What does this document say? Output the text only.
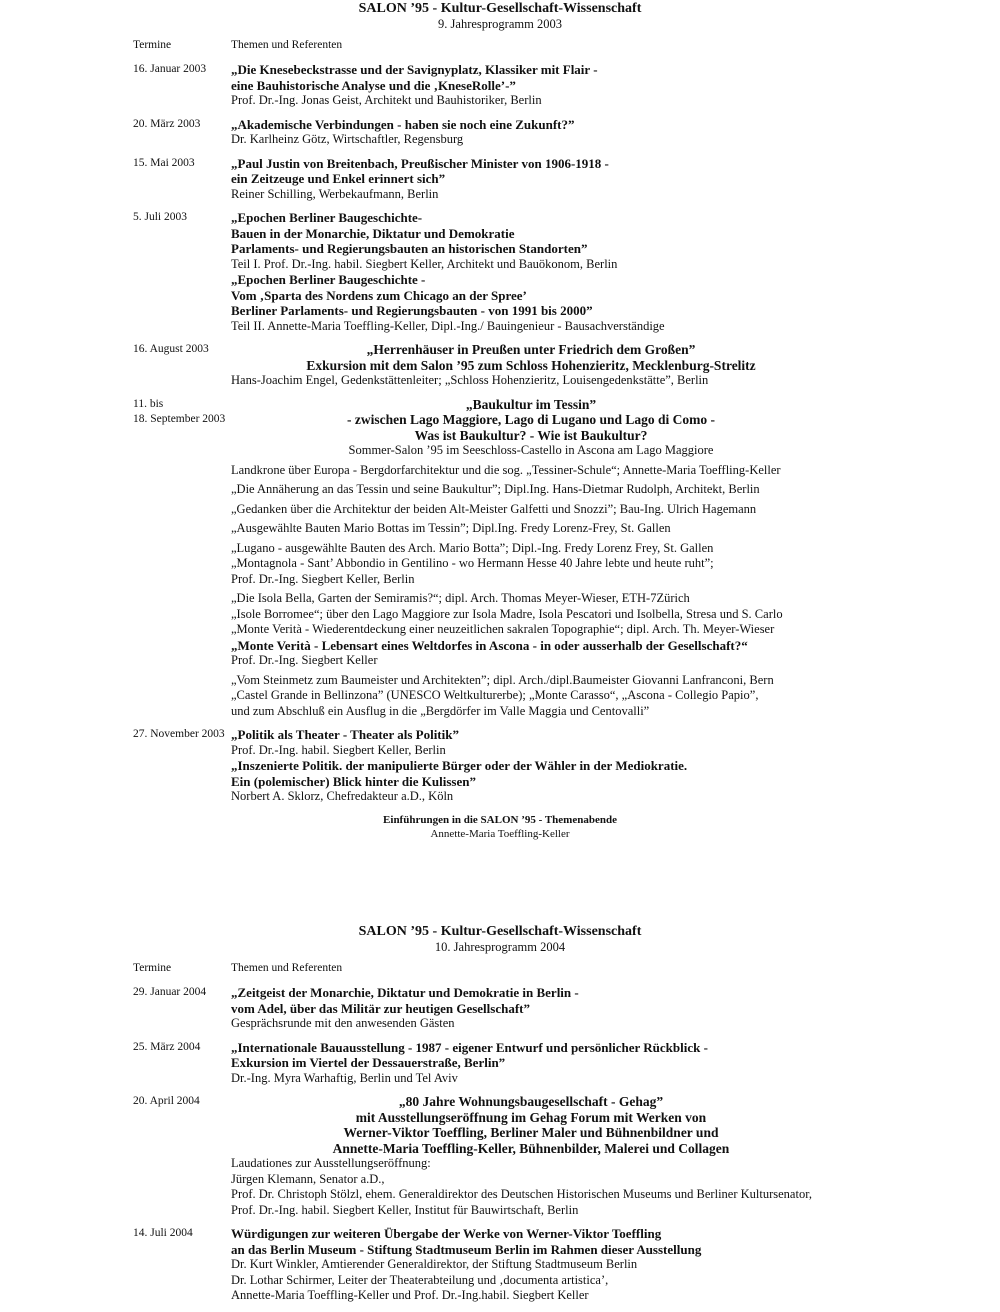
SALON ’95 - Kultur-Gesellschaft-Wissenschaft
9. Jahresprogramm 2003
Termine	Themen und Referenten
16. Januar 2003 „Die Knesebeckstrasse und der Savignyplatz, Klassiker mit Flair -
eine Bauhistorische Analyse und die ‚KneseRolle’-”
Prof. Dr.-Ing. Jonas Geist, Architekt und Bauhistoriker, Berlin
20. März 2003 „Akademische Verbindungen - haben sie noch eine Zukunft?”
Dr. Karlheinz Götz, Wirtschaftler, Regensburg
15. Mai 2003	„Paul Justin von Breitenbach, Preußischer Minister von 1906-1918 -
ein Zeitzeuge und Enkel erinnert sich”
Reiner Schilling, Werbekaufmann, Berlin
5. Juli 2003	„Epochen Berliner Baugeschichte-
Bauen in der Monarchie, Diktatur und Demokratie
Parlaments- und Regierungsbauten an historischen Standorten”
Teil I. Prof. Dr.-Ing. habil. Siegbert Keller, Architekt und Bauökonom, Berlin
„Epochen Berliner Baugeschichte -
Vom ‚Sparta des Nordens zum Chicago an der Spree’
Berliner Parlaments- und Regierungsbauten - von 1991 bis 2000”
Teil II. Annette-Maria Toeffling-Keller, Dipl.-Ing./ Bauingenieur - Bausachverständige
16. August 2003	„Herrenhäuser in Preußen unter Friedrich dem Großen”
Exkursion mit dem Salon ’95 zum Schloss Hohenzieritz, Mecklenburg-Strelitz
Hans-Joachim Engel, Gedenkstättenleiter; „Schloss Hohenzieritz, Louisengedenkstätte”, Berlin
11. bis
18. September 2003
„Baukultur im Tessin”
- zwischen Lago Maggiore, Lago di Lugano und Lago di Como -
Was ist Baukultur? - Wie ist Baukultur?
Sommer-Salon ’95 im Seeschloss-Castello in Ascona am Lago Maggiore
Landkrone über Europa - Bergdorfarchitektur und die sog. „Tessiner-Schule“; Annette-Maria Toeffling-Keller
„Die Annäherung an das Tessin und seine Baukultur”; Dipl.Ing. Hans-Dietmar Rudolph, Architekt, Berlin
„Gedanken über die Architektur der beiden Alt-Meister Galfetti und Snozzi”; Bau-Ing. Ulrich Hagemann
„Ausgewählte Bauten Mario Bottas im Tessin”; Dipl.Ing. Fredy Lorenz-Frey, St. Gallen
„Lugano - ausgewählte Bauten des Arch. Mario Botta”; Dipl.-Ing. Fredy Lorenz Frey, St. Gallen
„Montagnola - Sant’ Abbondio in Gentilino - wo Hermann Hesse 40 Jahre lebte und heute ruht”;
Prof. Dr.-Ing. Siegbert Keller, Berlin
„Die Isola Bella, Garten der Semiramis?“; dipl. Arch. Thomas Meyer-Wieser, ETH-7Zürich
„Isole Borromee“; über den Lago Maggiore zur Isola Madre, Isola Pescatori und Isolbella, Stresa und S. Carlo
„Monte Verità - Wiederentdeckung einer neuzeitlichen sakralen Topographie“; dipl. Arch. Th. Meyer-Wieser
„Monte Verità - Lebensart eines Weltdorfes in Ascona - in oder ausserhalb der Gesellschaft?“
Prof. Dr.-Ing. Siegbert Keller
„Vom Steinmetz zum Baumeister und Architekten”; dipl. Arch./dipl.Baumeister Giovanni Lanfranconi, Bern
„Castel Grande in Bellinzona” (UNESCO Weltkulturerbe); „Monte Carasso“, „Ascona - Collegio Papio”,
und zum Abschluß ein Ausflug in die „Bergdörfer im Valle Maggia und Centovalli”
27. November 2003 „Politik als Theater - Theater als Politik”
Prof. Dr.-Ing. habil. Siegbert Keller, Berlin
„Inszenierte Politik. der manipulierte Bürger oder der Wähler in der Mediokratie.
Ein (polemischer) Blick hinter die Kulissen”
Norbert A. Sklorz, Chefredakteur a.D., Köln
Einführungen in die SALON ’95 - Themenabende
Annette-Maria Toeffling-Keller
SALON ’95 - Kultur-Gesellschaft-Wissenschaft
10. Jahresprogramm 2004
Termine	Themen und Referenten
29. Januar 2004 „Zeitgeist der Monarchie, Diktatur und Demokratie in Berlin -
vom Adel, über das Militär zur heutigen Gesellschaft”
Gesprächsrunde mit den anwesenden Gästen
25. März 2004 „Internationale Bauausstellung - 1987 - eigener Entwurf und persönlicher Rückblick -
Exkursion im Viertel der Dessauerstraße, Berlin”
Dr.-Ing. Myra Warhaftig, Berlin und Tel Aviv
20. April 2004	„80 Jahre Wohnungsbaugesellschaft - Gehag”
mit Ausstellungseröffnung im Gehag Forum mit Werken von
Werner-Viktor Toeffling, Berliner Maler und Bühnenbildner und
Annette-Maria Toeffling-Keller, Bühnenbilder, Malerei und Collagen
Laudationes zur Ausstellungseröffnung:
Jürgen Klemann, Senator a.D.,
Prof. Dr. Christoph Stölzl, ehem. Generaldirektor des Deutschen Historischen Museums und Berliner Kultursenator,
Prof. Dr.-Ing. habil. Siegbert Keller, Institut für Bauwirtschaft, Berlin
14. Juli 2004	Würdigungen zur weiteren Übergabe der Werke von Werner-Viktor Toeffling
an das Berlin Museum - Stiftung Stadtmuseum Berlin im Rahmen dieser Ausstellung
Dr. Kurt Winkler, Amtierender Generaldirektor, der Stiftung Stadtmuseum Berlin
Dr. Lothar Schirmer, Leiter der Theaterabteilung und ‚documenta artistica’,
Annette-Maria Toeffling-Keller und Prof. Dr.-Ing.habil. Siegbert Keller
